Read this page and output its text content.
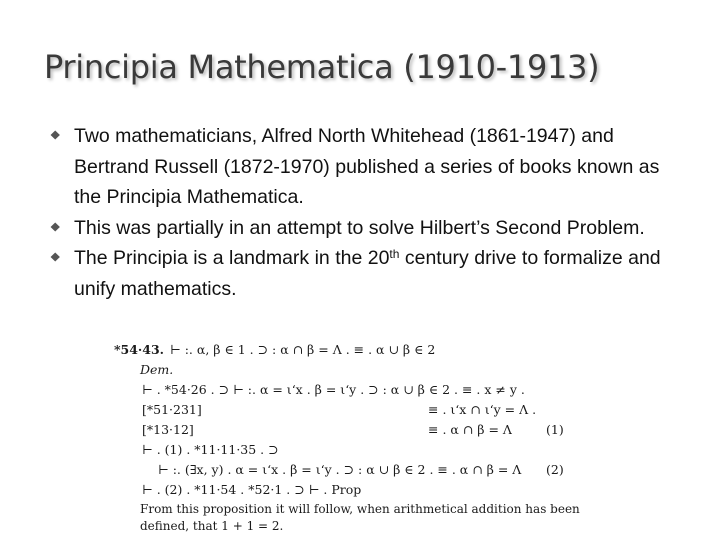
Principia Mathematica (1910-1913)
⯁ Two mathematicians, Alfred North Whitehead (1861-1947) and Bertrand Russell (1872-1970) published a series of books known as the Principia Mathematica.
⯁ This was partially in an attempt to solve Hilbert’s Second Problem.
⯁ The Principia is a landmark in the 20th century drive to formalize and unify mathematics.
*54·43. ⊢ :. α, β ∈ 1 . ⊃ : α ∩ β = Λ . ≡ . α ∪ β ∈ 2
Dem.
⊢ . *54·26 . ⊃ ⊢ :. α = ι‘x . β = ι‘y . ⊃ : α ∪ β ∈ 2 . ≡ . x ≠ y .
[*51·231]	≡ . ι‘x ∩ ι‘y = Λ .
[*13·12]	≡ . α ∩ β = Λ	(1)
⊢ . (1) . *11·11·35 . ⊃
⊢ :. (∃x, y) . α = ι‘x . β = ι‘y . ⊃ : α ∪ β ∈ 2 . ≡ . α ∩ β = Λ (2)
⊢ . (2) . *11·54 . *52·1 . ⊃ ⊢ . Prop
From this proposition it will follow, when arithmetical addition has been
defined, that 1 + 1 = 2.
